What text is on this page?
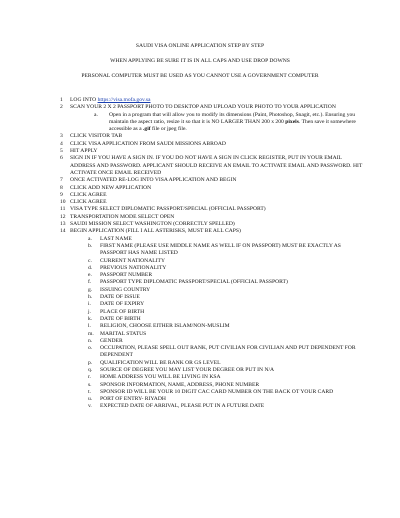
SAUDI VISA ONLINE APPLICATION STEP BY STEP
WHEN APPLYING BE SURE IT IS IN ALL CAPS AND USE DROP DOWNS
PERSONAL COMPUTER MUST BE USED AS YOU CANNOT USE A GOVERNMENT COMPUTER
1 LOG INTO https://visa.mofa.gov.sa
2 SCAN YOUR 2 X 2 PASSPORT PHOTO TO DESKTOP AND UPLOAD YOUR PHOTO TO YOUR APPLICATION
a. Open in a program that will allow you to modify its dimensions (Paint, Photoshop, Snagit, etc.). Ensuring you maintain the aspect ratio, resize it so that it is NO LARGER THAN 200 x 200 pixels. Then save it somewhere accessible as a .gif file or jpeg file.
3 CLICK VISITOR TAB
4 CLICK VISA APPLICATION FROM SAUDI MISSIONS ABROAD
5 HIT APPLY
6 SIGN IN IF YOU HAVE A SIGN IN. IF YOU DO NOT HAVE A SIGN IN CLICK REGISTER, PUT IN YOUR EMAIL ADDRESS AND PASSWORD. APPLICANT SHOULD RECEIVE AN EMAIL TO ACTIVATE EMAIL AND PASSWORD. HIT ACTIVATE ONCE EMAIL RECEIVED
7 ONCE ACTIVATED RE-LOG INTO VISA APPLICATION AND BEGIN
8 CLICK ADD NEW APPLICATION
9 CLICK AGREE
10 CLICK AGREE
11 VISA TYPE SELECT DIPLOMATIC PASSPORT/SPECIAL (OFFICIAL PASSPORT)
12 TRANSPORTATION MODE SELECT OPEN
13 SAUDI MISSION SELECT WASHINGTON (CORRECTLY SPELLED)
14 BEGIN APPLICATION (FILL I ALL ASTERISKS, MUST BE ALL CAPS)
a. LAST NAME
b. FIRST NAME (PLEASE USE MIDDLE NAME AS WELL IF ON PASSPORT) MUST BE EXACTLY AS PASSPORT HAS NAME LISTED
c. CURRENT NATIONALITY
d. PREVIOUS NATIONALITY
e. PASSPORT NUMBER
f. PASSPORT TYPE DIPLOMATIC PASSPORT/SPECIAL (OFFICIAL PASSPORT)
g. ISSUING COUNTRY
h. DATE OF ISSUE
i. DATE OF EXPIRY
j. PLACE OF BIRTH
k. DATE OF BIRTH
l. RELIGION, CHOOSE EITHER ISLAM/NON-MUSLIM
m. MARITAL STATUS
n. GENDER
o. OCCUPATION, PLEASE SPELL OUT RANK, PUT CIVILIAN FOR CIVILIAN AND PUT DEPENDENT FOR DEPENDENT
p. QUALIFICATION WILL BE RANK OR GS LEVEL
q. SOURCE OF DEGREE YOU MAY LIST YOUR DEGREE OR PUT IN N/A
r. HOME ADDRESS YOU WILL BE LIVING IN KSA
s. SPONSOR INFORMATION, NAME, ADDRESS, PHONE NUMBER
t. SPONSOR ID WILL BE YOUR 10 DIGIT CAC CARD NUMBER ON THE BACK OT YOUR CARD
u. PORT OF ENTRY- RIYADH
v. EXPECTED DATE OF ARRIVAL, PLEASE PUT IN A FUTURE DATE
